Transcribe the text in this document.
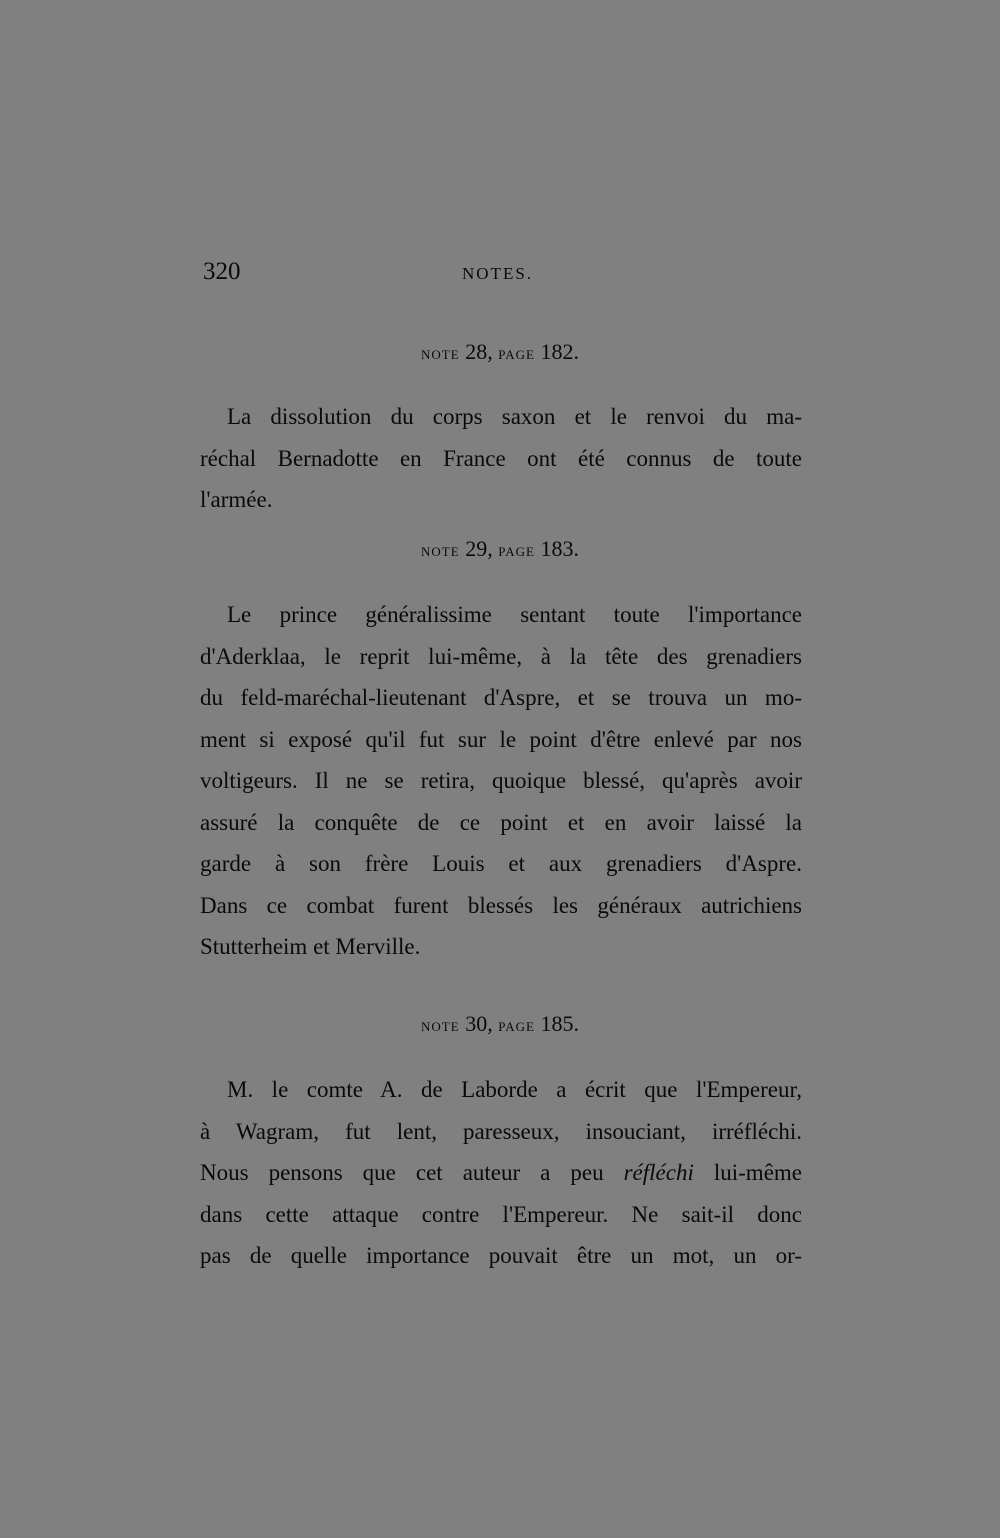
320	NOTES.
note 28, page 182.
La dissolution du corps saxon et le renvoi du ma-
réchal Bernadotte en France ont été connus de toute
l'armée.
note 29, page 183.
Le prince généralissime sentant toute l'importance
d'Aderklaa, le reprit lui-même, à la tête des grenadiers
du feld-maréchal-lieutenant d'Aspre, et se trouva un mo-
ment si exposé qu'il fut sur le point d'être enlevé par nos
voltigeurs. Il ne se retira, quoique blessé, qu'après avoir
assuré la conquête de ce point et en avoir laissé la
garde à son frère Louis et aux grenadiers d'Aspre.
Dans ce combat furent blessés les généraux autrichiens
Stutterheim et Merville.
note 30, page 185.
M. le comte A. de Laborde a écrit que l'Empereur,
à Wagram, fut lent, paresseux, insouciant, irréfléchi.
Nous pensons que cet auteur a peu réfléchi lui-même
dans cette attaque contre l'Empereur. Ne sait-il donc
pas de quelle importance pouvait être un mot, un or-
